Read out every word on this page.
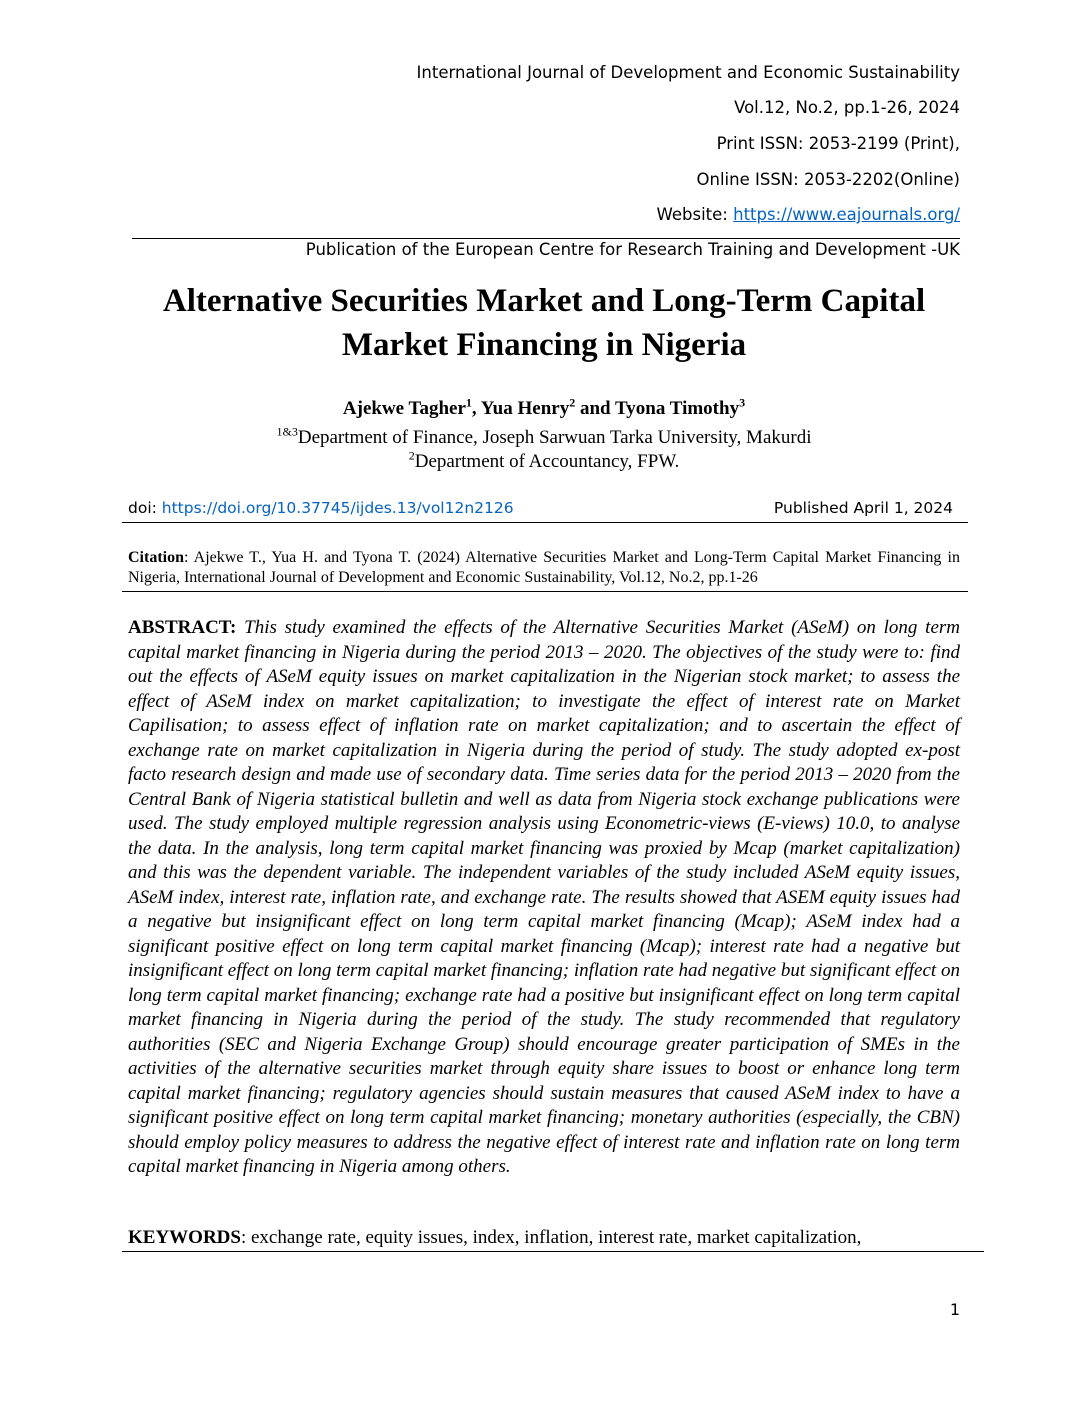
International Journal of Development and Economic Sustainability
Vol.12, No.2, pp.1-26, 2024
Print ISSN: 2053-2199 (Print),
Online ISSN: 2053-2202(Online)
Website: https://www.eajournals.org/
Publication of the European Centre for Research Training and Development -UK
Alternative Securities Market and Long-Term Capital
Market Financing in Nigeria
Ajekwe Tagher$^1$, Yua Henry$^2$ and Tyona Timothy$^3$
$^{1\&3}$Department of Finance, Joseph Sarwuan Tarka University, Makurdi
$^2$Department of Accountancy, FPW.
doi: https://doi.org/10.37745/ijdes.13/vol12n2126	Published April 1, 2024
Citation: Ajekwe T., Yua H. and Tyona T. (2024) Alternative Securities Market and Long-Term Capital Market Financing in Nigeria, International Journal of Development and Economic Sustainability, Vol.12, No.2, pp.1-26
ABSTRACT: This study examined the effects of the Alternative Securities Market (ASeM) on long term capital market financing in Nigeria during the period 2013 – 2020. The objectives of the study were to: find out the effects of ASeM equity issues on market capitalization in the Nigerian stock market; to assess the effect of ASeM index on market capitalization; to investigate the effect of interest rate on Market Capilisation; to assess effect of inflation rate on market capitalization; and to ascertain the effect of exchange rate on market capitalization in Nigeria during the period of study. The study adopted ex-post facto research design and made use of secondary data. Time series data for the period 2013 – 2020 from the Central Bank of Nigeria statistical bulletin and well as data from Nigeria stock exchange publications were used. The study employed multiple regression analysis using Econometric-views (E-views) 10.0, to analyse the data. In the analysis, long term capital market financing was proxied by Mcap (market capitalization) and this was the dependent variable. The independent variables of the study included ASeM equity issues, ASeM index, interest rate, inflation rate, and exchange rate. The results showed that ASEM equity issues had a negative but insignificant effect on long term capital market financing (Mcap); ASeM index had a significant positive effect on long term capital market financing (Mcap); interest rate had a negative but insignificant effect on long term capital market financing; inflation rate had negative but significant effect on long term capital market financing; exchange rate had a positive but insignificant effect on long term capital market financing in Nigeria during the period of the study. The study recommended that regulatory authorities (SEC and Nigeria Exchange Group) should encourage greater participation of SMEs in the activities of the alternative securities market through equity share issues to boost or enhance long term capital market financing; regulatory agencies should sustain measures that caused ASeM index to have a significant positive effect on long term capital market financing; monetary authorities (especially, the CBN) should employ policy measures to address the negative effect of interest rate and inflation rate on long term capital market financing in Nigeria among others.
KEYWORDS: exchange rate, equity issues, index, inflation, interest rate, market capitalization,
1
